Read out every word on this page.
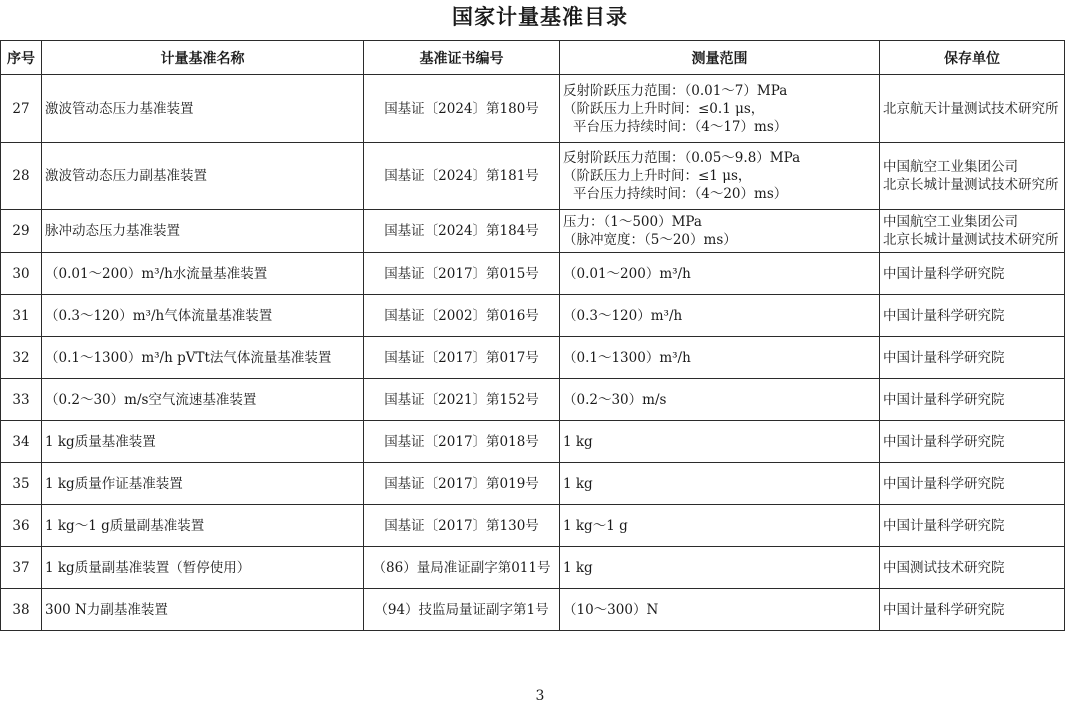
国家计量基准目录
序号	计量基准名称	基准证书编号	测量范围	保存单位
27	激波管动态压力基准装置	国基证〔2024〕第180号	反射阶跃压力范围：（0.01～7）MPa
（阶跃压力上升时间：≤0.1 μs，
平台压力持续时间：（4～17）ms）	北京航天计量测试技术研究所

28	激波管动态压力副基准装置	国基证〔2024〕第181号	反射阶跃压力范围：（0.05～9.8）MPa
（阶跃压力上升时间：≤1 μs，
平台压力持续时间：（4～20）ms）	中国航空工业集团公司
北京长城计量测试技术研究所

29	脉冲动态压力基准装置	国基证〔2024〕第184号	压力：（1～500）MPa
（脉冲宽度：（5～20）ms）	中国航空工业集团公司
北京长城计量测试技术研究所

30	（0.01～200）m³/h水流量基准装置	国基证〔2017〕第015号	（0.01～200）m³/h	中国计量科学研究院

31	（0.3～120）m³/h气体流量基准装置	国基证〔2002〕第016号	（0.3～120）m³/h	中国计量科学研究院

32	（0.1～1300）m³/h pVTt法气体流量基准装置	国基证〔2017〕第017号	（0.1～1300）m³/h	中国计量科学研究院

33	（0.2～30）m/s空气流速基准装置	国基证〔2021〕第152号	（0.2～30）m/s	中国计量科学研究院

34	1 kg质量基准装置	国基证〔2017〕第018号	1 kg	中国计量科学研究院

35	1 kg质量作证基准装置	国基证〔2017〕第019号	1 kg	中国计量科学研究院

36	1 kg～1 g质量副基准装置	国基证〔2017〕第130号	1 kg～1 g	中国计量科学研究院

37	1 kg质量副基准装置（暂停使用）	（86）量局准证副字第011号	1 kg	中国测试技术研究院

38	300 N力副基准装置	（94）技监局量证副字第1号	（10～300）N	中国计量科学研究院
3
